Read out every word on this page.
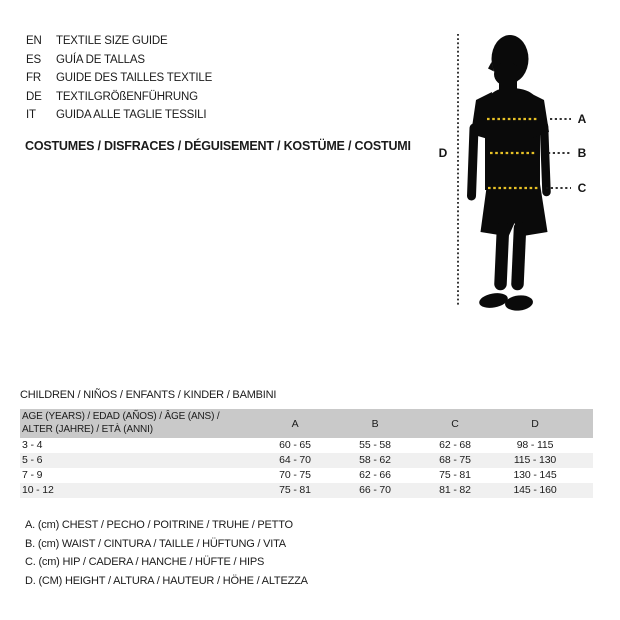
EN	TEXTILE SIZE GUIDE
ES	GUÍA DE TALLAS
FR	GUIDE DES TAILLES TEXTILE
DE	TEXTILGRÖßENFÜHRUNG
IT	GUIDA ALLE TAGLIE TESSILI
COSTUMES / DISFRACES / DÉGUISEMENT / KOSTÜME / COSTUMI D
A
B
C
CHILDREN / NIÑOS / ENFANTS / KINDER / BAMBINI
AGE (YEARS) / EDAD (AÑOS) / ÂGE (ANS) /
ALTER (JAHRE) / ETÀ (ANNI)	A	B	C	D
3 - 4	60 - 65	55 - 58	62 - 68	98 - 115
5 - 6	64 - 70	58 - 62	68 - 75	115 - 130
7 - 9	70 - 75	62 - 66	75 - 81	130 - 145
10 - 12	75 - 81	66 - 70	81 - 82	145 - 160
A. (cm) CHEST / PECHO / POITRINE / TRUHE / PETTO
B. (cm) WAIST / CINTURA / TAILLE / HÜFTUNG / VITA
C. (cm) HIP / CADERA / HANCHE / HÜFTE / HIPS
D. (CM) HEIGHT / ALTURA / HAUTEUR / HÖHE / ALTEZZA
